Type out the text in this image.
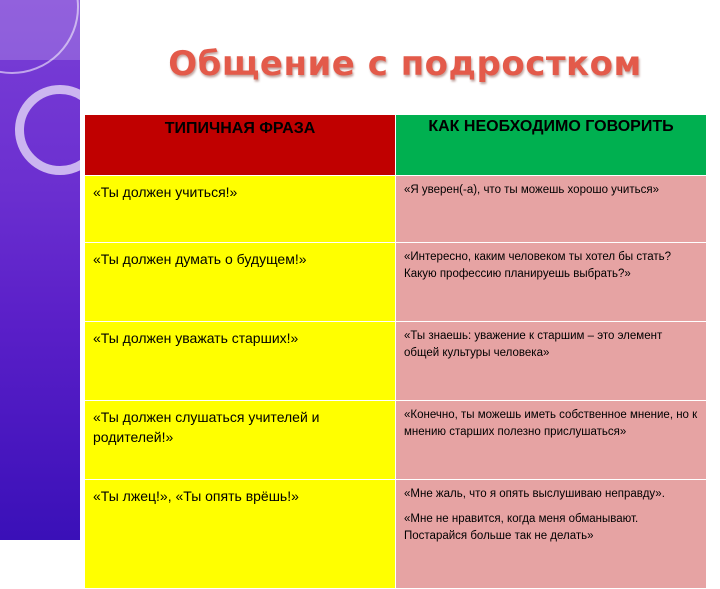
Общение с подростком
ТИПИЧНАЯ ФРАЗА	КАК НЕОБХОДИМО ГОВОРИТЬ
«Ты должен учиться!»	«Я уверен(-а), что ты можешь хорошо учиться»

«Ты должен думать о будущем!»	«Интересно, каким человеком ты хотел бы стать? Какую профессию планируешь выбрать?»

«Ты должен уважать старших!»	«Ты знаешь: уважение к старшим – это элемент общей культуры человека»

«Ты должен слушаться учителей и родителей!»	«Конечно, ты можешь иметь собственное мнение, но к мнению старших полезно прислушаться»

«Ты лжец!», «Ты опять врёшь!»	«Мне жаль, что я опять выслушиваю неправду».
«Мне не нравится, когда меня обманывают. Постарайся больше так не делать»
